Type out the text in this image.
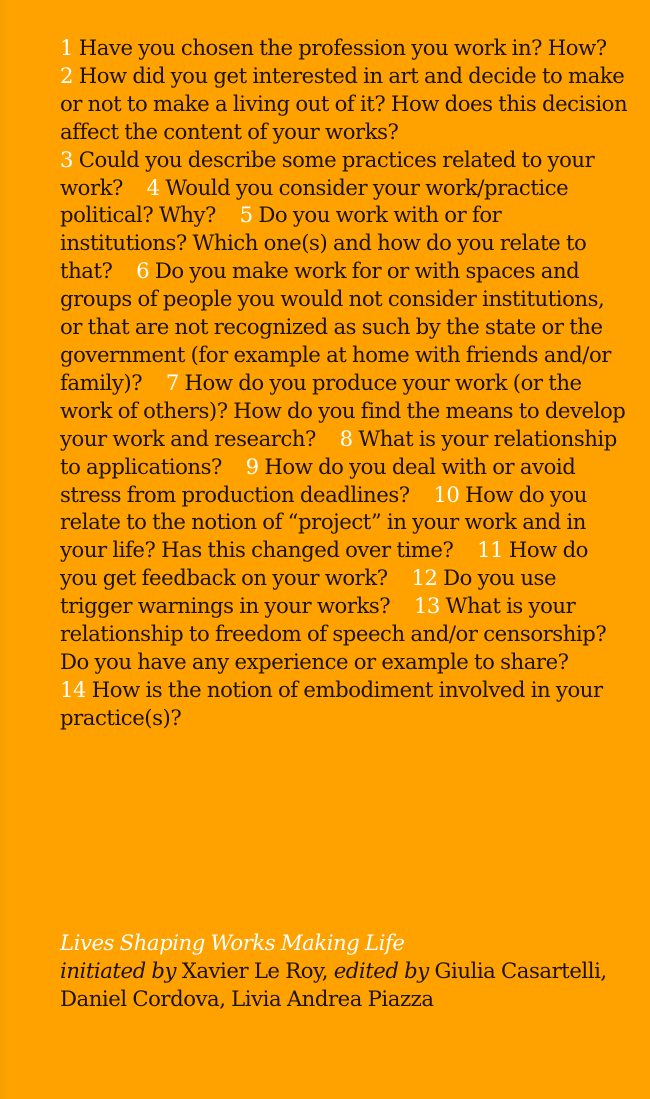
1 Have you chosen the profession you work in? How?
2 How did you get interested in art and decide to make or not to make a living out of it? How does this decision affect the content of your works?
3 Could you describe some practices related to your work? 4 Would you consider your work/practice political? Why? 5 Do you work with or for institutions? Which one(s) and how do you relate to that? 6 Do you make work for or with spaces and groups of people you would not consider institutions, or that are not recognized as such by the state or the government (for example at home with friends and/or family)? 7 How do you produce your work (or the work of others)? How do you find the means to develop your work and research? 8 What is your relationship to applications? 9 How do you deal with or avoid stress from production deadlines? 10 How do you relate to the notion of “project” in your work and in your life? Has this changed over time? 11 How do you get feedback on your work? 12 Do you use trigger warnings in your works? 13 What is your relationship to freedom of speech and/or censorship? Do you have any experience or example to share?
14 How is the notion of embodiment involved in your practice(s)?

Lives Shaping Works Making Life
initiated by Xavier Le Roy, edited by Giulia Casartelli, Daniel Cordova, Livia Andrea Piazza
